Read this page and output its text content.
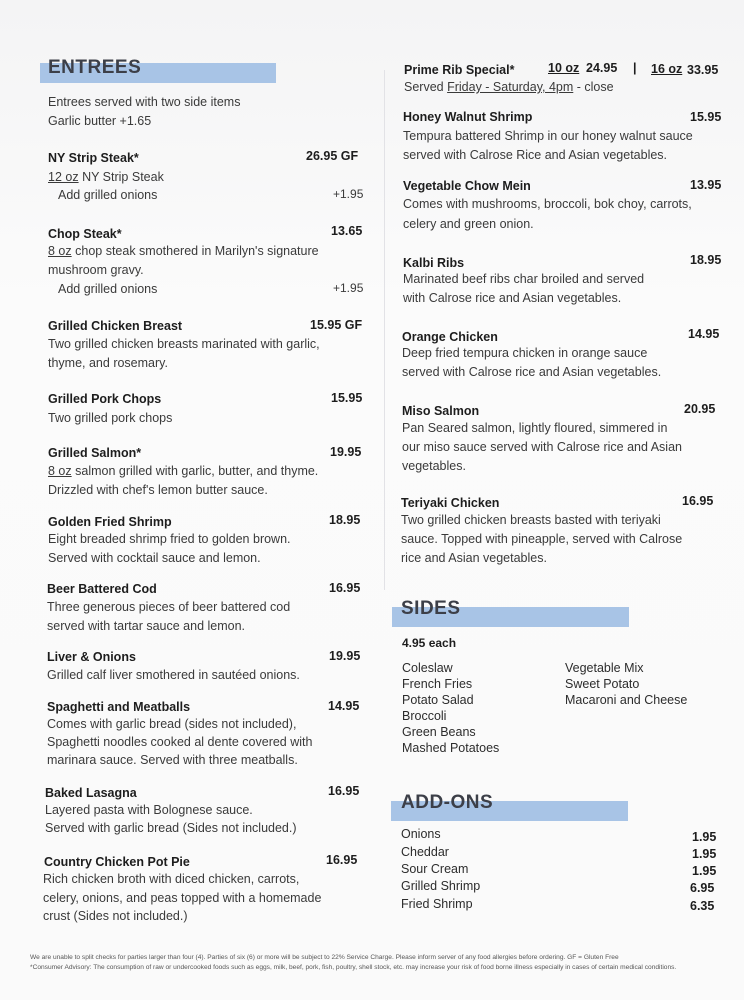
ENTREES
Entrees served with two side items
Garlic butter +1.65
NY Strip Steak*	26.95 GF
12 oz NY Strip Steak
Add grilled onions	+1.95
Chop Steak*	13.65
8 oz chop steak smothered in Marilyn's signature
mushroom gravy.
Add grilled onions	+1.95
Grilled Chicken Breast	15.95 GF
Two grilled chicken breasts marinated with garlic,
thyme, and rosemary.
Grilled Pork Chops	15.95
Two grilled pork chops
Grilled Salmon*	19.95
8 oz salmon grilled with garlic, butter, and thyme.
Drizzled with chef's lemon butter sauce.
Golden Fried Shrimp	18.95
Eight breaded shrimp fried to golden brown.
Served with cocktail sauce and lemon.
Beer Battered Cod	16.95
Three generous pieces of beer battered cod
served with tartar sauce and lemon.
Liver & Onions	19.95
Grilled calf liver smothered in sautéed onions.
Spaghetti and Meatballs	14.95
Comes with garlic bread (sides not included),
Spaghetti noodles cooked al dente covered with
marinara sauce. Served with three meatballs.
Baked Lasagna	16.95
Layered pasta with Bolognese sauce.
Served with garlic bread (Sides not included.)
Country Chicken Pot Pie	16.95
Rich chicken broth with diced chicken, carrots,
celery, onions, and peas topped with a homemade
crust (Sides not included.)
Prime Rib Special*	10 oz 24.95 | 16 oz 33.95
Served Friday - Saturday, 4pm - close
Honey Walnut Shrimp	15.95
Tempura battered Shrimp in our honey walnut sauce
served with Calrose Rice and Asian vegetables.
Vegetable Chow Mein	13.95
Comes with mushrooms, broccoli, bok choy, carrots,
celery and green onion.
Kalbi Ribs	18.95
Marinated beef ribs char broiled and served
with Calrose rice and Asian vegetables.
Orange Chicken	14.95
Deep fried tempura chicken in orange sauce
served with Calrose rice and Asian vegetables.
Miso Salmon	20.95
Pan Seared salmon, lightly floured, simmered in
our miso sauce served with Calrose rice and Asian
vegetables.
Teriyaki Chicken	16.95
Two grilled chicken breasts basted with teriyaki
sauce. Topped with pineapple, served with Calrose
rice and Asian vegetables.
SIDES
4.95 each
Coleslaw
French Fries
Potato Salad
Broccoli
Green Beans
Mashed Potatoes
Vegetable Mix
Sweet Potato
Macaroni and Cheese
ADD-ONS
Onions	1.95
Cheddar	1.95
Sour Cream	1.95
Grilled Shrimp	6.95
Fried Shrimp	6.35
We are unable to split checks for parties larger than four (4). Parties of six (6) or more will be subject to 22% Service Charge. Please inform server of any food allergies before ordering. GF = Gluten Free
*Consumer Advisory: The consumption of raw or undercooked foods such as eggs, milk, beef, pork, fish, poultry, shell stock, etc. may increase your risk of food borne illness especially in cases of certain medical conditions.
